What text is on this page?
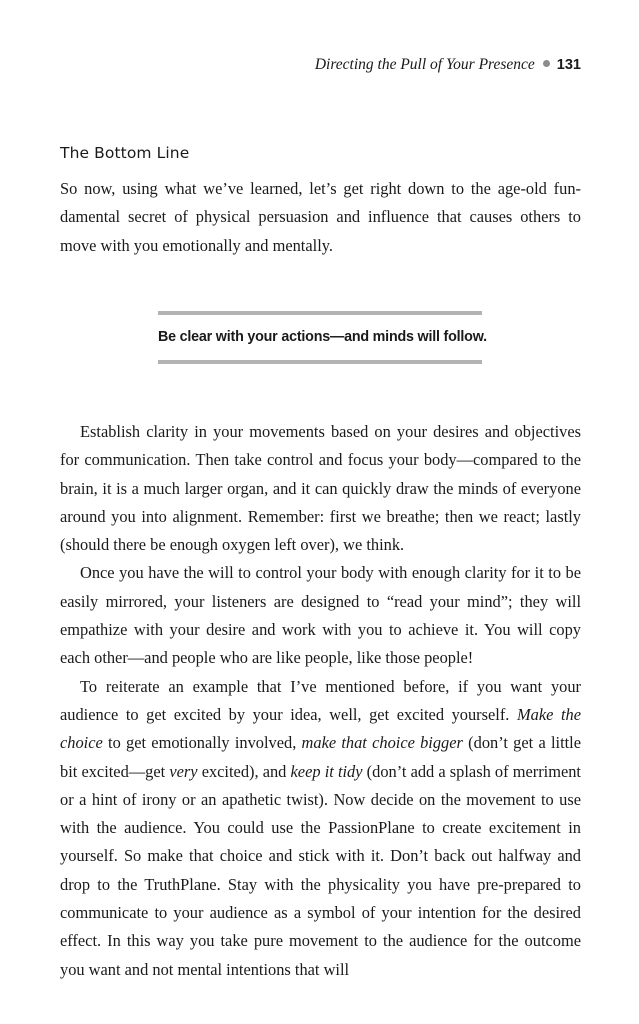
Directing the Pull of Your Presence 131
The Bottom Line

So now, using what we’ve learned, let’s get right down to the age-old fundamental secret of physical persuasion and influence that causes others to move with you emotionally and mentally.

Be clear with your actions—and minds will follow.

Establish clarity in your movements based on your desires and objectives for communication. Then take control and focus your body—compared to the brain, it is a much larger organ, and it can quickly draw the minds of everyone around you into alignment. Remember: first we breathe; then we react; lastly (should there be enough oxygen left over), we think.

Once you have the will to control your body with enough clarity for it to be easily mirrored, your listeners are designed to “read your mind”; they will empathize with your desire and work with you to achieve it. You will copy each other—and people who are like people, like those people!

To reiterate an example that I’ve mentioned before, if you want your audience to get excited by your idea, well, get excited yourself. Make the choice to get emotionally involved, make that choice bigger (don’t get a little bit excited—get very excited), and keep it tidy (don’t add a splash of merriment or a hint of irony or an apathetic twist). Now decide on the movement to use with the audience. You could use the PassionPlane to create excitement in yourself. So make that choice and stick with it. Don’t back out halfway and drop to the TruthPlane. Stay with the physicality you have pre-prepared to communicate to your audience as a symbol of your intention for the desired effect. In this way you take pure movement to the audience for the outcome you want and not mental intentions that will
